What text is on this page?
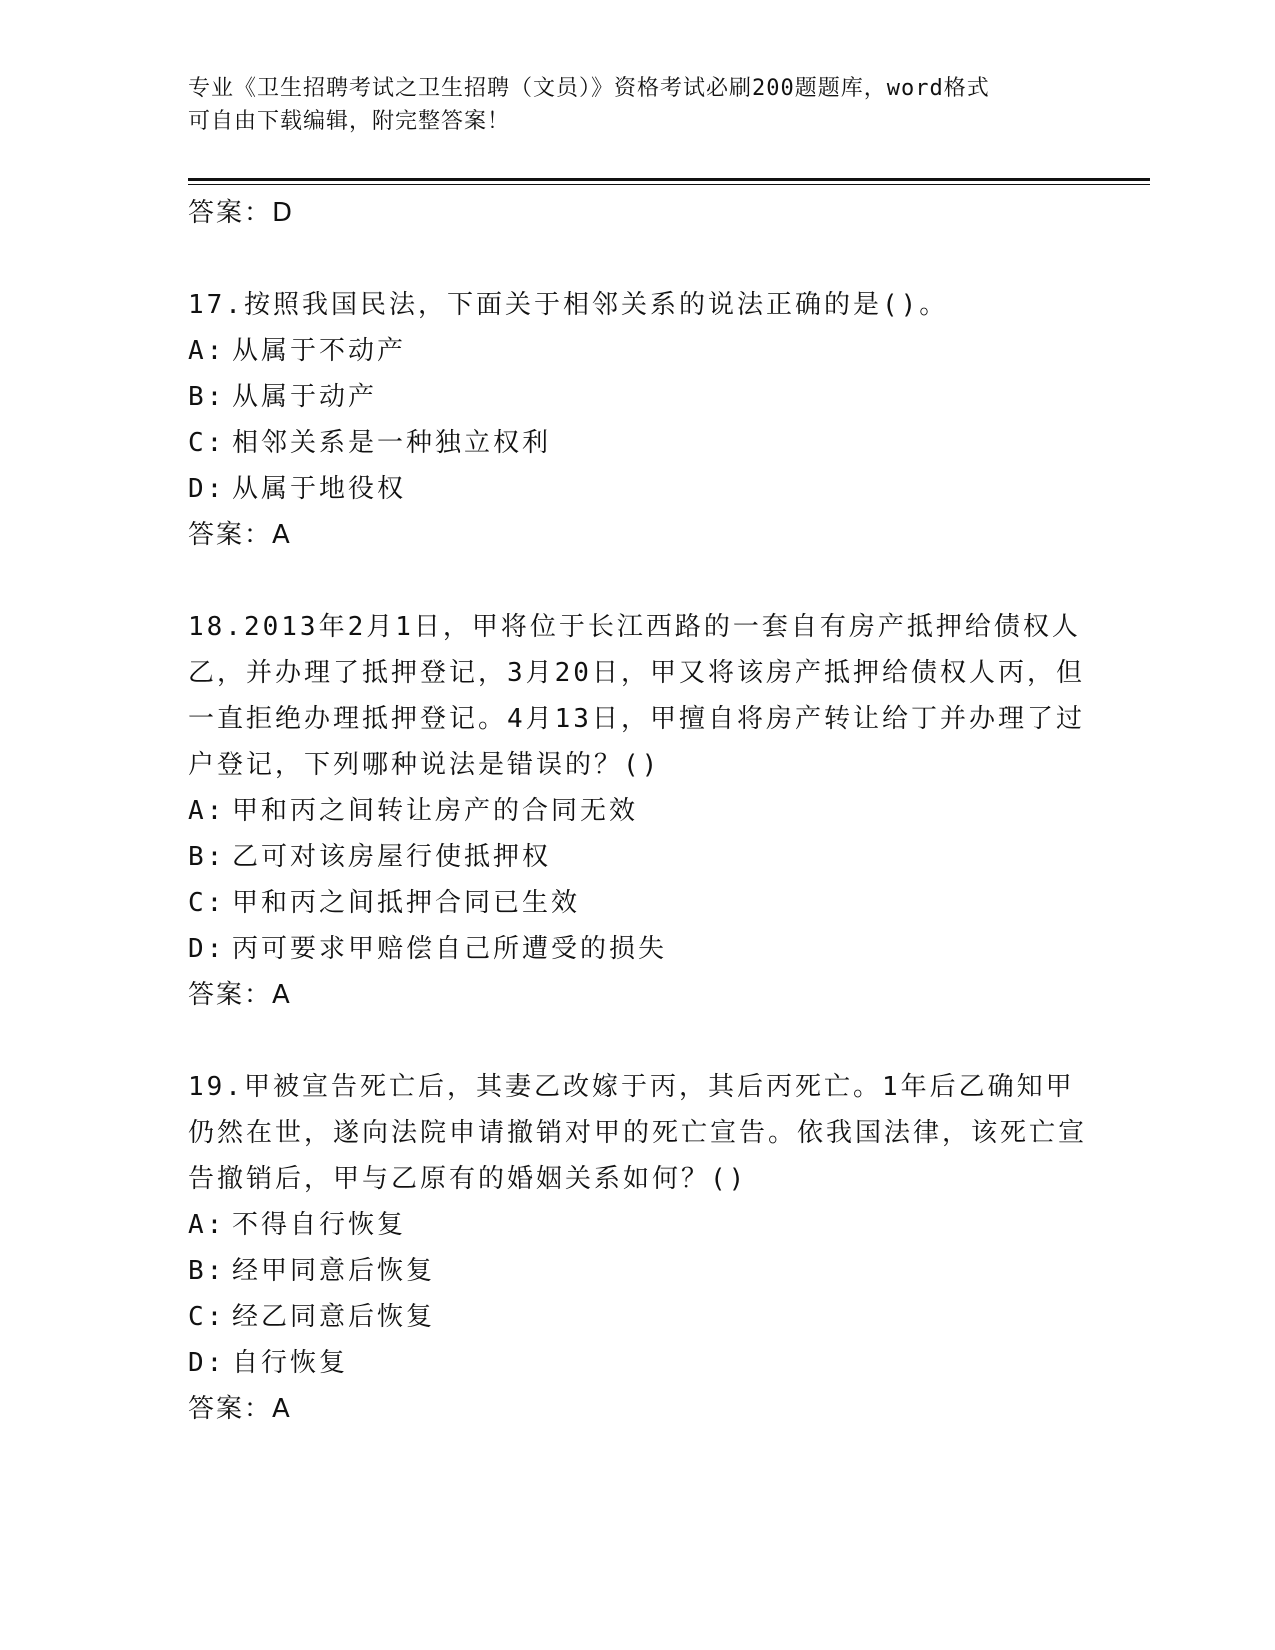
专业《卫生招聘考试之卫生招聘（文员）》资格考试必刷200题题库，word格式
可自由下载编辑，附完整答案！
答案：D
17.按照我国民法，下面关于相邻关系的说法正确的是()。
A: 从属于不动产
B: 从属于动产
C: 相邻关系是一种独立权利
D: 从属于地役权
答案：A
18.2013年2月1日，甲将位于长江西路的一套自有房产抵押给债权人乙，并办理了抵押登记，3月20日，甲又将该房产抵押给债权人丙，但一直拒绝办理抵押登记。4月13日，甲擅自将房产转让给丁并办理了过户登记，下列哪种说法是错误的？()
A: 甲和丙之间转让房产的合同无效
B: 乙可对该房屋行使抵押权
C: 甲和丙之间抵押合同已生效
D: 丙可要求甲赔偿自己所遭受的损失
答案：A
19.甲被宣告死亡后，其妻乙改嫁于丙，其后丙死亡。1年后乙确知甲仍然在世，遂向法院申请撤销对甲的死亡宣告。依我国法律，该死亡宣告撤销后，甲与乙原有的婚姻关系如何？()
A: 不得自行恢复
B: 经甲同意后恢复
C: 经乙同意后恢复
D: 自行恢复
答案：A
